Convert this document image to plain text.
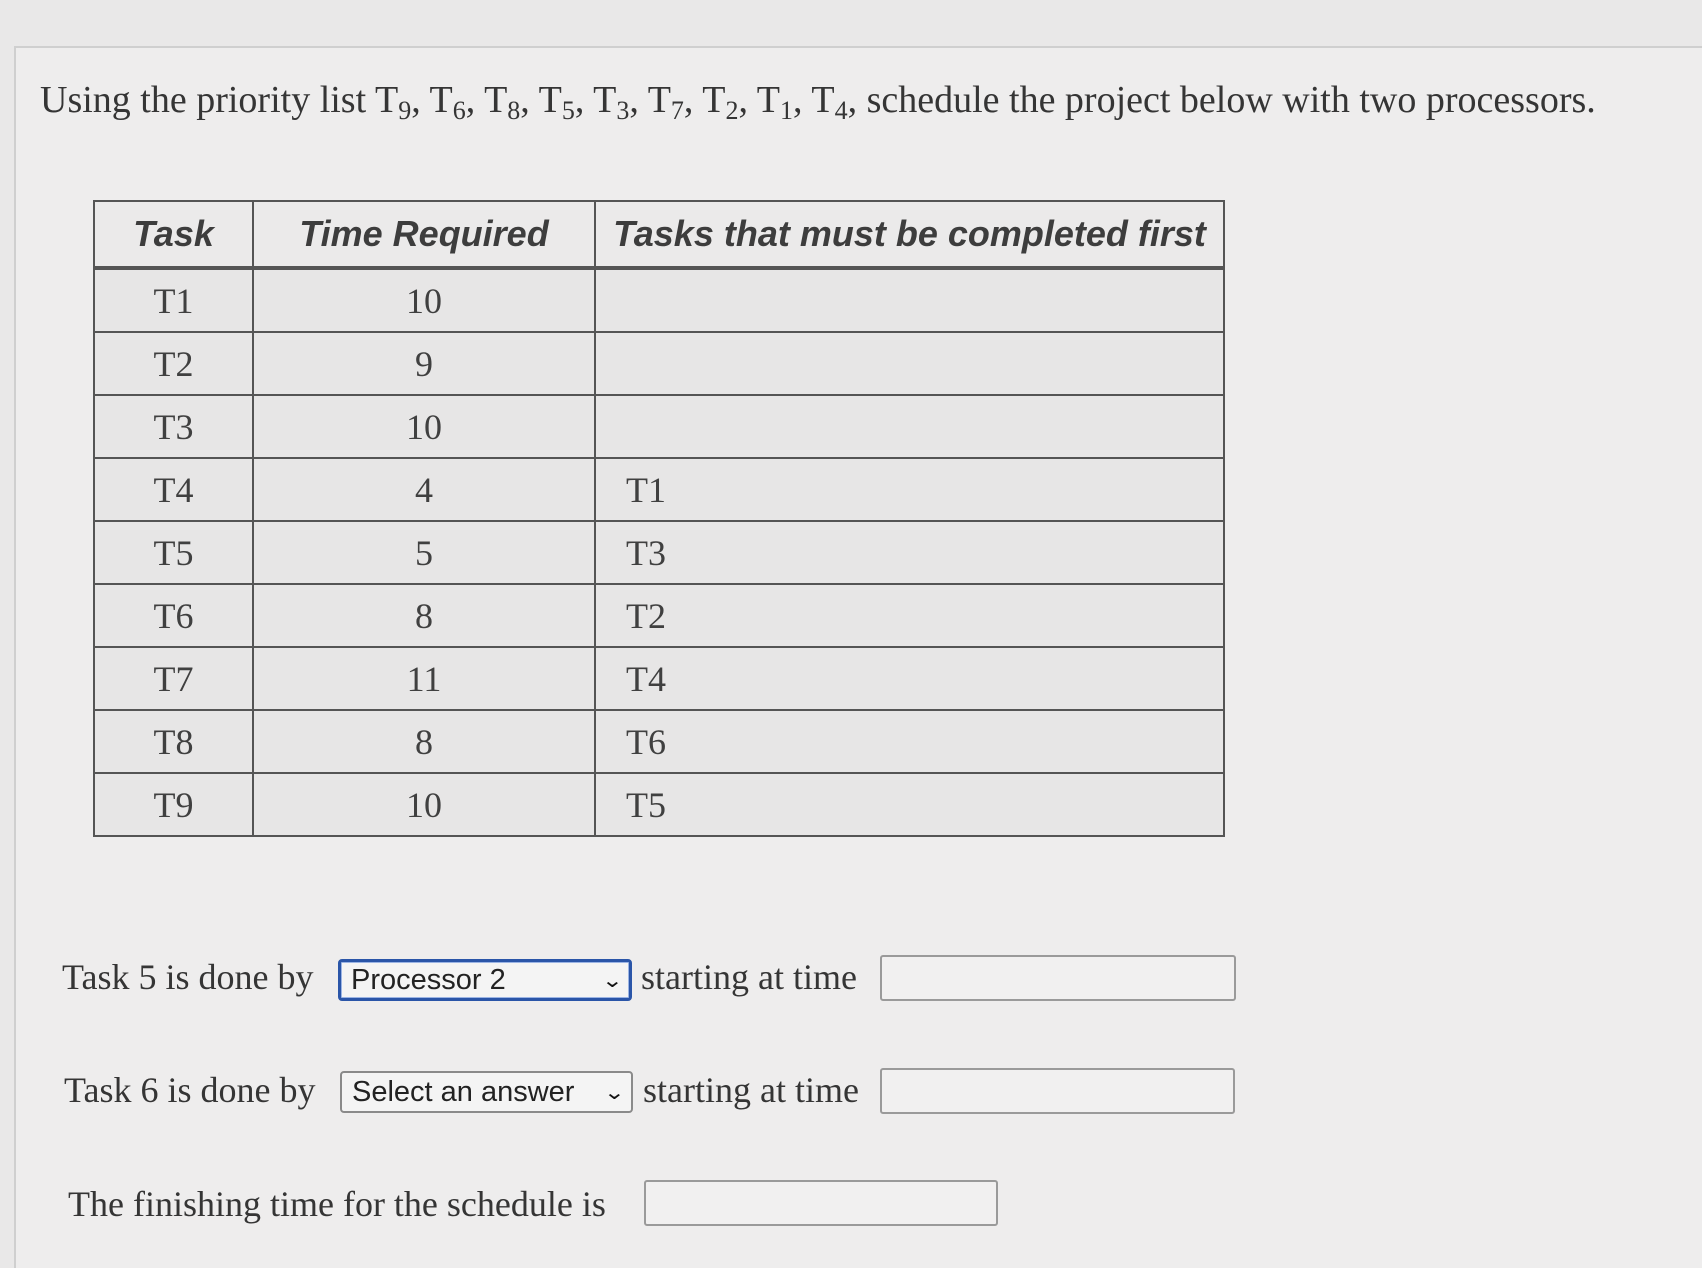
Using the priority list $T_9$, $T_6$, $T_8$, $T_5$, $T_3$, $T_7$, $T_2$, $T_1$, $T_4$, schedule the project below with two processors.
Task	Time Required	Tasks that must be completed first
T1	10	
T2	9	
T3	10	
T4	4	T1
T5	5	T3
T6	8	T2
T7	11	T4
T8	8	T6
T9	10	T5
Task 5 is done by Processor 2	⌄ starting at time
Task 6 is done by Select an answer ⌄ starting at time
The finishing time for the schedule is
